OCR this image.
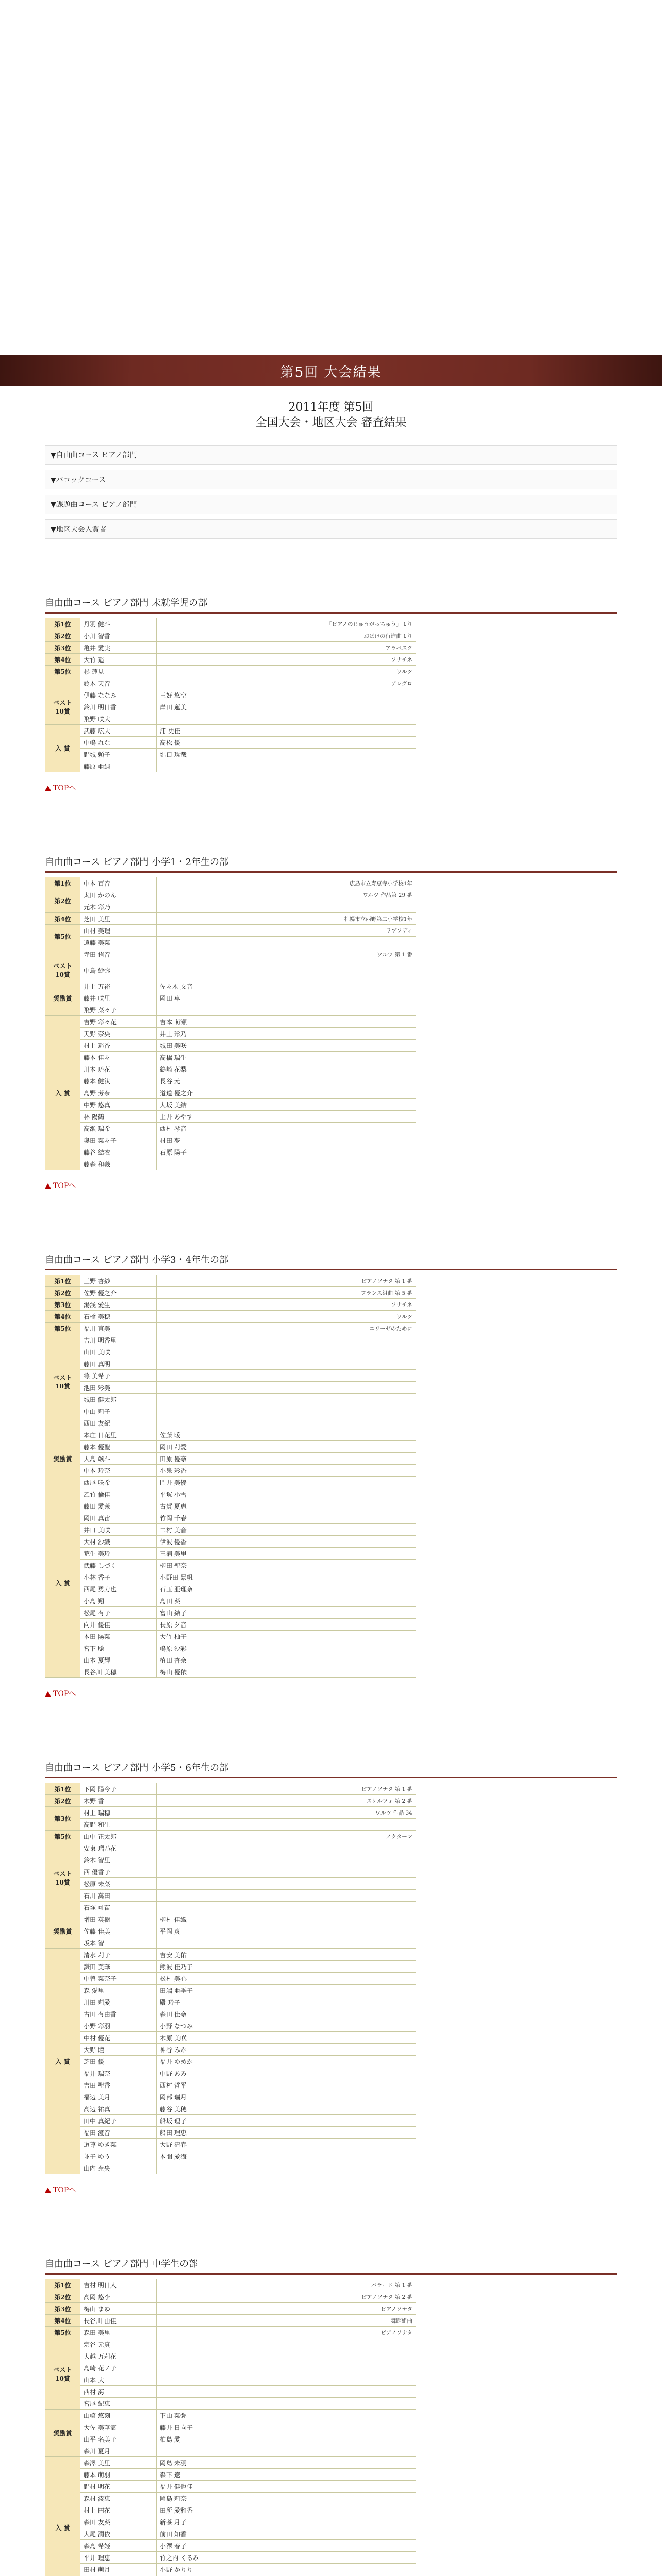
第5回 大会結果
2011年度 第5回
全国大会・地区大会 審査結果
▼自由曲コース ピアノ部門
▼バロックコース
▼課題曲コース ピアノ部門
▼地区大会入賞者
自由曲コース ピアノ部門 未就学児の部
第1位	丹羽 健斗	「ピアノのじゅうがっちゅう」より
第2位	小川 智香	おばけの行進曲より
第3位	亀井 愛実	アラベスク
第4位	大竹 遥	ソナチネ
第5位	杉 蓮見	ワルツ
	鈴木 天音	アレグロ
ベスト
10賞	伊藤 ななみ	三好 悠空
	鈴川 明日香	岸田 蓮美
	飛野 咲大	
入 賞	武藤 広大	浦 史佳
	中嶋 れな	高松 優
	野城 頼子	堀口 琢哉
	藤原 亜純	
TOPへ
自由曲コース ピアノ部門 小学1・2年生の部
第1位	中本 百音	広島市立寿恵寺小学校1年
第2位	太田 かのん	ワルツ 作品第 29 番
	元木 彩乃	
第4位	芝田 美里	札幌市立西野第二小学校1年
第5位	山村 美理	ラプソディ
	遠藤 美菜	
	寺田 侑音	ワルツ 第 1 番
ベスト
10賞	中島 紗弥	
奨励賞	井上 万裕	佐々木 文音
	藤井 咲里	岡田 卓
	飛野 菜々子	
入 賞	吉野 彩々花	吉本 萌瀬
	天野 奈央	井上 彩乃
	村上 遥香	城田 美咲
	藤本 佳々	高橋 瑞生
	川本 琉花	鶴崎 花梨
	藤本 健汰	長谷 元
	島野 芳奈	道道 優之介
	中野 悠真	大坂 美結
	林 陽鶴	土井 あやす
	高瀬 瑞希	西村 琴音
	奥田 菜々子	村田 夢
	藤谷 結衣	石原 陽子
	藤森 和義	
TOPへ
自由曲コース ピアノ部門 小学3・4年生の部
第1位	三野 杏紗	ピアノソナタ 第 1 番
第2位	佐野 優之介	フランス組曲 第 5 番
第3位	湯浅 愛生	ソナチネ
第4位	石橋 美穂	ワルツ
第5位	福川 直美	エリーゼのために
ベスト
10賞	吉川 明香里	
	山田 美咲	
	藤田 真明	
	篠 美希子	
	池田 彩美	
	城田 健太郎	
	中山 莉子	
	西田 友紀	
奨励賞	本庄 日花里	佐藤 暖
	藤本 優聖	岡田 莉愛
	大島 颯斗	田原 優奈
	中本 玲奈	小泉 彩香
	西尾 咲希	門井 美優
入 賞	乙竹 倫佳	平塚 小雪
	藤田 愛茉	古賀 夏恵
	岡田 真宙	竹岡 千春
	井口 美咲	二村 美音
	大村 沙織	伊波 優香
	荒生 美玲	三浦 美里
	武藤 しづく	柳田 聖奈
	小林 香子	小野田 景帆
	西尾 勇力也	石玉 亜理奈
	小島 翔	島田 葵
	松尾 有子	富山 結子
	向井 優佳	長原 夕音
	本田 陽菜	大竹 柚子
	宮下 聡	嶋原 沙彩
	山本 夏輝	植田 杏奈
	長谷川 美穂	梅山 優依
TOPへ
自由曲コース ピアノ部門 小学5・6年生の部
第1位	下岡 陽今子	ピアノソナタ 第 1 番
第2位	木野 香	スケルツォ 第 2 番
第3位	村上 瑞穂	ワルツ 作品 34
	高野 和生	
第5位	山中 正太郎	ノクターン
ベスト
10賞	安東 瑠乃花	
	鈴木 智里	
	西 優香子	
	松原 未菜	
	石川 萬田	
	石塚 可苗	
奨励賞	増田 英樹	柳村 佳織
	佐藤 佳美	平岡 爽
	坂本 智	
入 賞	清水 莉子	吉安 美佑
	鎌田 美華	熊波 佳乃子
	中曽 菜奈子	松村 美心
	森 愛里	田端 亜季子
	川田 莉愛	殿 玲子
	古田 有由香	森田 佳奈
	小野 彩羽	小野 なつみ
	中村 優花	木原 美咲
	大野 瞳	神谷 みか
	芝田 優	福井 ゆめか
	福井 瑞奈	中野 あみ
	吉田 聖香	西村 哲平
	福辺 美月	岡部 瑞月
	高辺 祐真	藤谷 美穂
	田中 真紀子	船坂 理子
	福田 澄音	船田 理恵
	道尊 ゆき菜	大野 清春
	並子 ゆう	本間 愛海
	山内 奈央	
TOPへ
自由曲コース ピアノ部門 中学生の部
第1位	吉村 明日人	バラード 第 1 番
第2位	高岡 悠李	ピアノソナタ 第 2 番
第3位	梅山 まゆ	ピアノソナタ
第4位	長谷川 由佳	舞踏組曲
第5位	森田 美里	ピアノソナタ
ベスト
10賞	宗谷 元真	
	大越 万莉花	
	島崎 花ノ子	
	山本 大	
	西村 海	
	宮尾 紀恵	
奨励賞	山崎 悠刻	下山 菜弥
	大佐 美華霊	藤井 日向子
	山平 名美子	柏島 愛
	森川 夏月	
入 賞	森澤 美里	岡島 未羽
	藤本 萌羽	森下 遼
	野村 明花	福井 健也佳
	森村 湊恵	岡島 莉奈
	村上 円花	田所 愛和香
	森田 友葵	新茶 月子
	大尾 潤依	前田 知香
	森島 希姫	小澤 春子
	平井 理恵	竹之内 くるみ
	田村 萌月	小野 かりり
